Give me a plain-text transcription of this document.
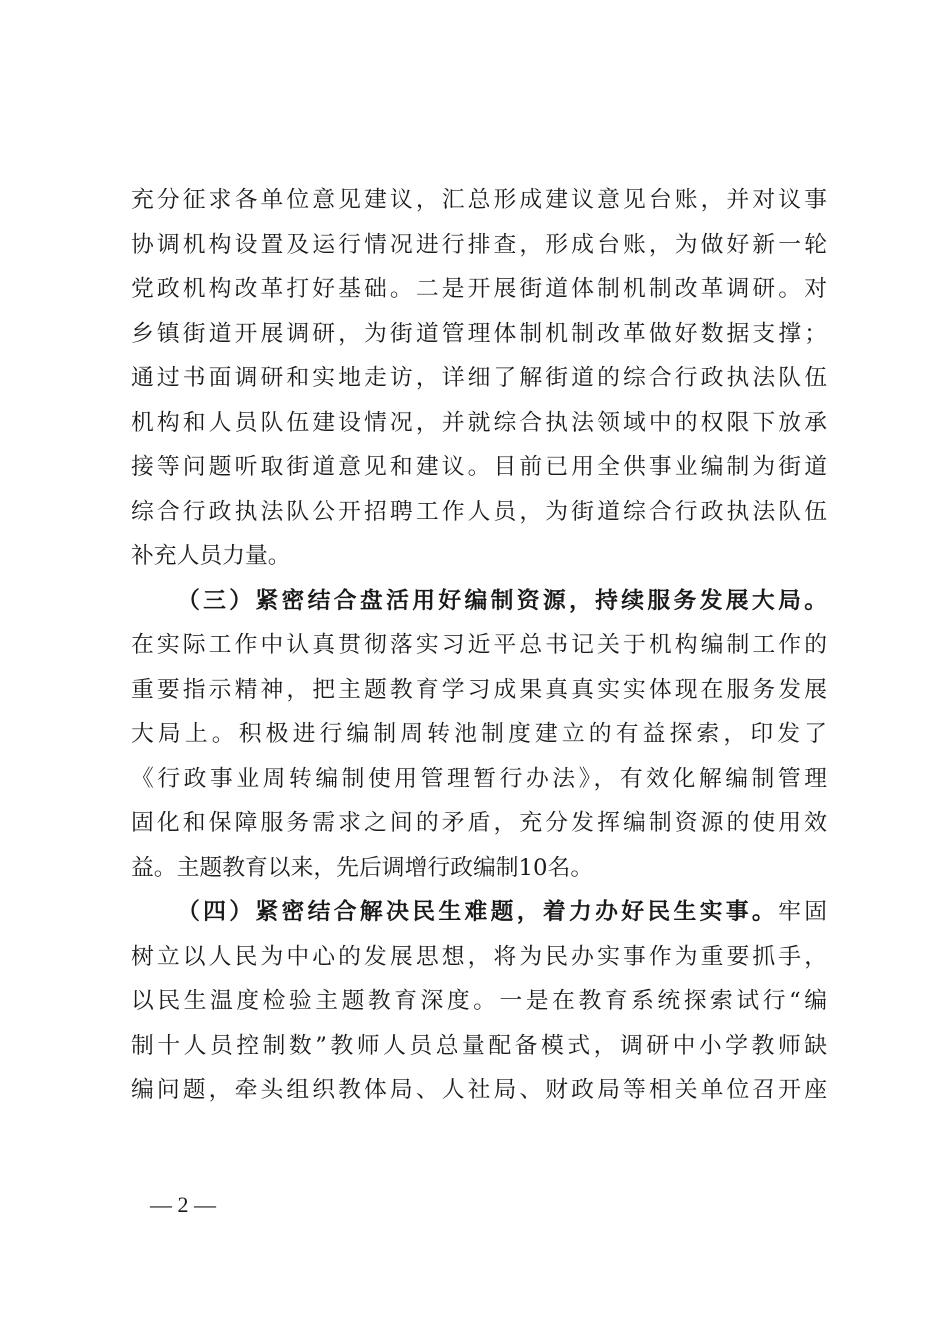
充分征求各单位意见建议，汇总形成建议意见台账，并对议事
协调机构设置及运行情况进行排查，形成台账，为做好新一轮
党政机构改革打好基础。二是开展街道体制机制改革调研。对
乡镇街道开展调研，为街道管理体制机制改革做好数据支撑；
通过书面调研和实地走访，详细了解街道的综合行政执法队伍
机构和人员队伍建设情况，并就综合执法领域中的权限下放承
接等问题听取街道意见和建议。目前已用全供事业编制为街道
综合行政执法队公开招聘工作人员，为街道综合行政执法队伍
补充人员力量。
（三）紧密结合盘活用好编制资源，持续服务发展大局。
在实际工作中认真贯彻落实习近平总书记关于机构编制工作的
重要指示精神，把主题教育学习成果真真实实体现在服务发展
大局上。积极进行编制周转池制度建立的有益探索，印发了
《行政事业周转编制使用管理暂行办法》，有效化解编制管理
固化和保障服务需求之间的矛盾，充分发挥编制资源的使用效
益。主题教育以来，先后调增行政编制10名。
（四）紧密结合解决民生难题，着力办好民生实事。牢固
树立以人民为中心的发展思想，将为民办实事作为重要抓手，
以民生温度检验主题教育深度。一是在教育系统探索试行“编
制十人员控制数”教师人员总量配备模式，调研中小学教师缺
编问题，牵头组织教体局、人社局、财政局等相关单位召开座
— 2 —
